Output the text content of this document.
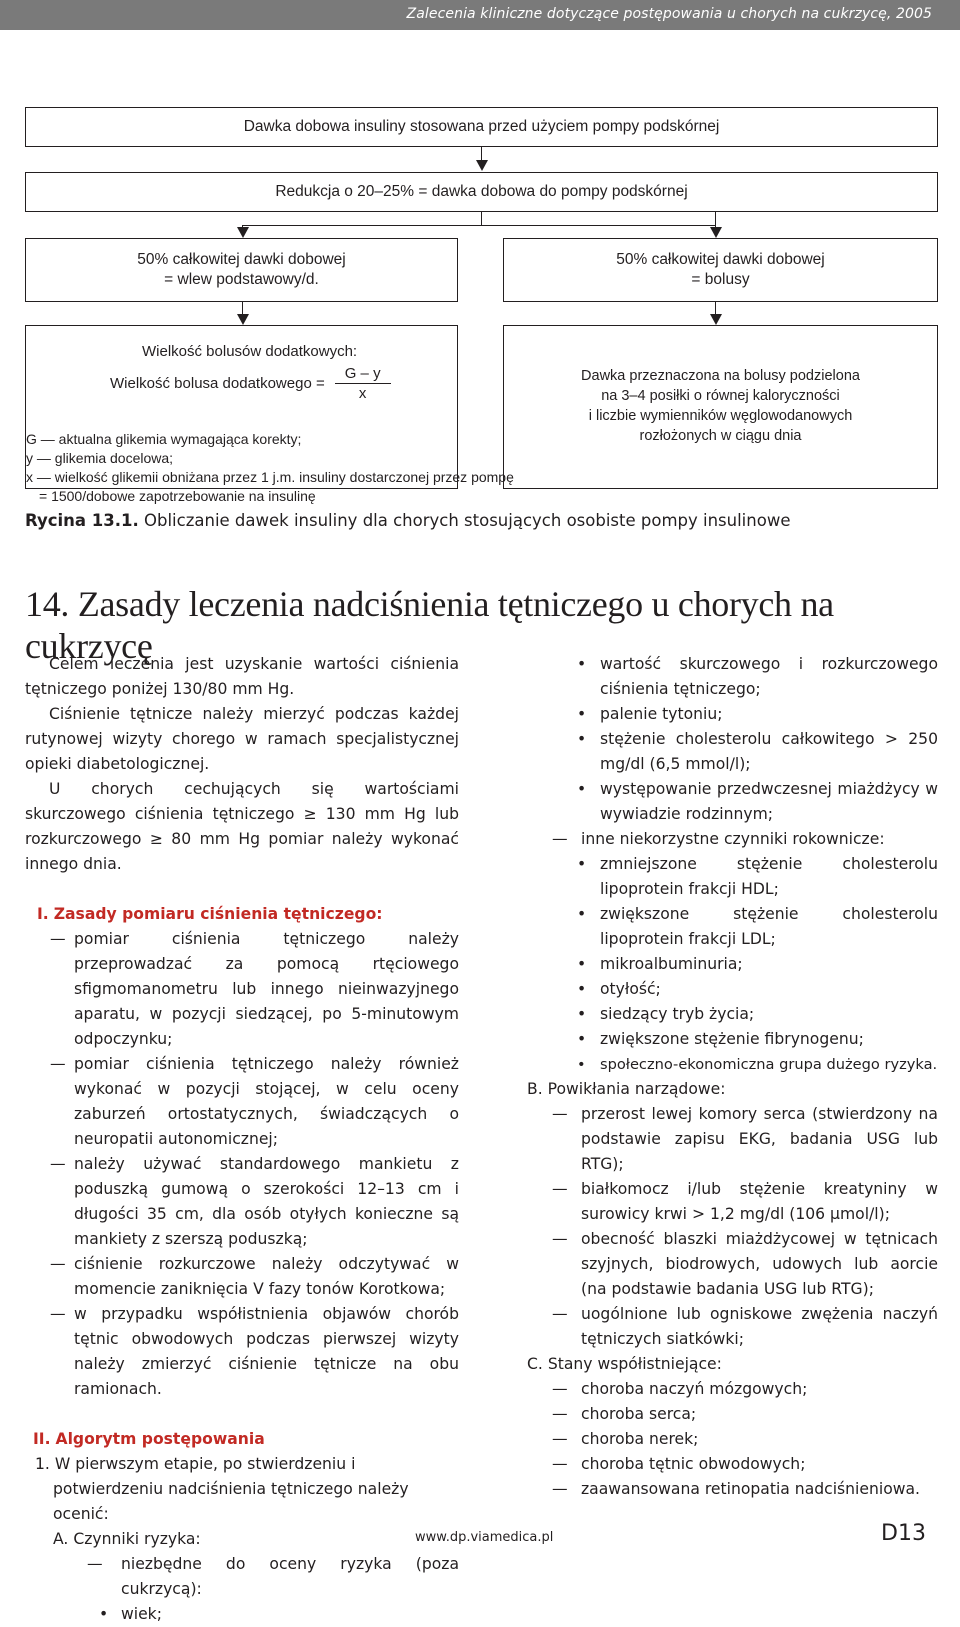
Zalecenia kliniczne dotyczące postępowania u chorych na cukrzycę, 2005
Dawka dobowa insuliny stosowana przed użyciem pompy podskórnej
Redukcja o 20–25% = dawka dobowa do pompy podskórnej
50% całkowitej dawki dobowej
= wlew podstawowy/d.
50% całkowitej dawki dobowej
= bolusy
Wielkość bolusów dodatkowych:
Wielkość bolusa dodatkowego = $\frac{G - y}{x}$
G — aktualna glikemia wymagająca korekty;
y — glikemia docelowa;
x — wielkość glikemii obniżana przez 1 j.m. insuliny dostarczonej przez pompę
= 1500/dobowe zapotrzebowanie na insulinę
Dawka przeznaczona na bolusy podzielona
na 3–4 posiłki o równej kaloryczności
i liczbie wymienników węglowodanowych
rozłożonych w ciągu dnia
Rycina 13.1. Obliczanie dawek insuliny dla chorych stosujących osobiste pompy insulinowe
14. Zasady leczenia nadciśnienia tętniczego u chorych na cukrzycę

Celem leczenia jest uzyskanie wartości ciśnienia tętniczego poniżej 130/80 mm Hg.

Ciśnienie tętnicze należy mierzyć podczas każdej rutynowej wizyty chorego w ramach specjalistycznej opieki diabetologicznej.

U chorych cechujących się wartościami skurczowego ciśnienia tętniczego ≥ 130 mm Hg lub rozkurczowego ≥ 80 mm Hg pomiar należy wykonać innego dnia.

I. Zasady pomiaru ciśnienia tętniczego:

— pomiar ciśnienia tętniczego należy przeprowadzać za pomocą rtęciowego sfigmomanometru lub innego nieinwazyjnego aparatu, w pozycji siedzącej, po 5-minutowym odpoczynku;

— pomiar ciśnienia tętniczego należy również wykonać w pozycji stojącej, w celu oceny zaburzeń ortostatycznych, świadczących o neuropatii autonomicznej;

— należy używać standardowego mankietu z poduszką gumową o szerokości 12–13 cm i długości 35 cm, dla osób otyłych konieczne są mankiety z szerszą poduszką;

— ciśnienie rozkurczowe należy odczytywać w momencie zaniknięcia V fazy tonów Korotkowa;

— w przypadku współistnienia objawów chorób tętnic obwodowych podczas pierwszej wizyty należy zmierzyć ciśnienie tętnicze na obu ramionach.

II. Algorytm postępowania

1. W pierwszym etapie, po stwierdzeniu i potwierdzeniu nadciśnienia tętniczego należy ocenić:

A. Czynniki ryzyka:

— niezbędne do oceny ryzyka (poza cukrzycą):

• wiek;

• wartość skurczowego i rozkurczowego ciśnienia tętniczego;

• palenie tytoniu;

• stężenie cholesterolu całkowitego > 250 mg/dl (6,5 mmol/l);

• występowanie przedwczesnej miażdżycy w wywiadzie rodzinnym;

— inne niekorzystne czynniki rokownicze:

• zmniejszone stężenie cholesterolu lipoprotein frakcji HDL;

• zwiększone stężenie cholesterolu lipoprotein frakcji LDL;

• mikroalbuminuria;

• otyłość;

• siedzący tryb życia;

• zwiększone stężenie fibrynogenu;

• społeczno-ekonomiczna grupa dużego ryzyka.

B. Powikłania narządowe:

— przerost lewej komory serca (stwierdzony na podstawie zapisu EKG, badania USG lub RTG);

— białkomocz i/lub stężenie kreatyniny w surowicy krwi > 1,2 mg/dl (106 μmol/l);

— obecność blaszki miażdżycowej w tętnicach szyjnych, biodrowych, udowych lub aorcie (na podstawie badania USG lub RTG);

— uogólnione lub ogniskowe zwężenia naczyń tętniczych siatkówki;

C. Stany współistniejące:

— choroba naczyń mózgowych;

— choroba serca;

— choroba nerek;

— choroba tętnic obwodowych;

— zaawansowana retinopatia nadciśnieniowa.

www.dp.viamedica.pl	D13
